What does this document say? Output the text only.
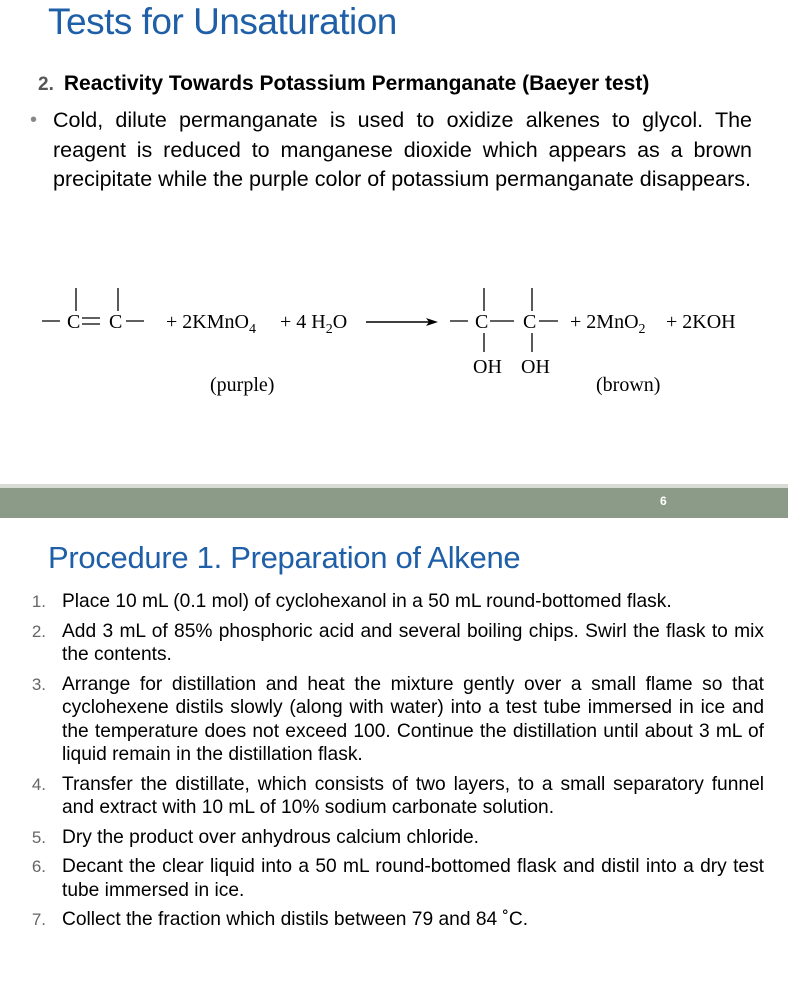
Tests for Unsaturation
2. Reactivity Towards Potassium Permanganate (Baeyer test)
• Cold, dilute permanganate is used to oxidize alkenes to glycol. The reagent is reduced to manganese dioxide which appears as a brown precipitate while the purple color of potassium permanganate disappears.
C C + 2KMnO$_4$ + 4 $H_2O$	C C
OH OH
+ 2MnO$_2$ + 2KOH
(purple)	(brown)
6
Procedure 1. Preparation of Alkene
1. Place 10 mL (0.1 mol) of cyclohexanol in a 50 mL round-bottomed flask.
2. Add 3 mL of 85% phosphoric acid and several boiling chips. Swirl the flask to mix the contents.
3. Arrange for distillation and heat the mixture gently over a small flame so that cyclohexene distils slowly (along with water) into a test tube immersed in ice and the temperature does not exceed 100. Continue the distillation until about 3 mL of liquid remain in the distillation flask.
4. Transfer the distillate, which consists of two layers, to a small separatory funnel and extract with 10 mL of 10% sodium carbonate solution.
5. Dry the product over anhydrous calcium chloride.
6. Decant the clear liquid into a 50 mL round-bottomed flask and distil into a dry test tube immersed in ice.
7. Collect the fraction which distils between 79 and 84 ˚C.
